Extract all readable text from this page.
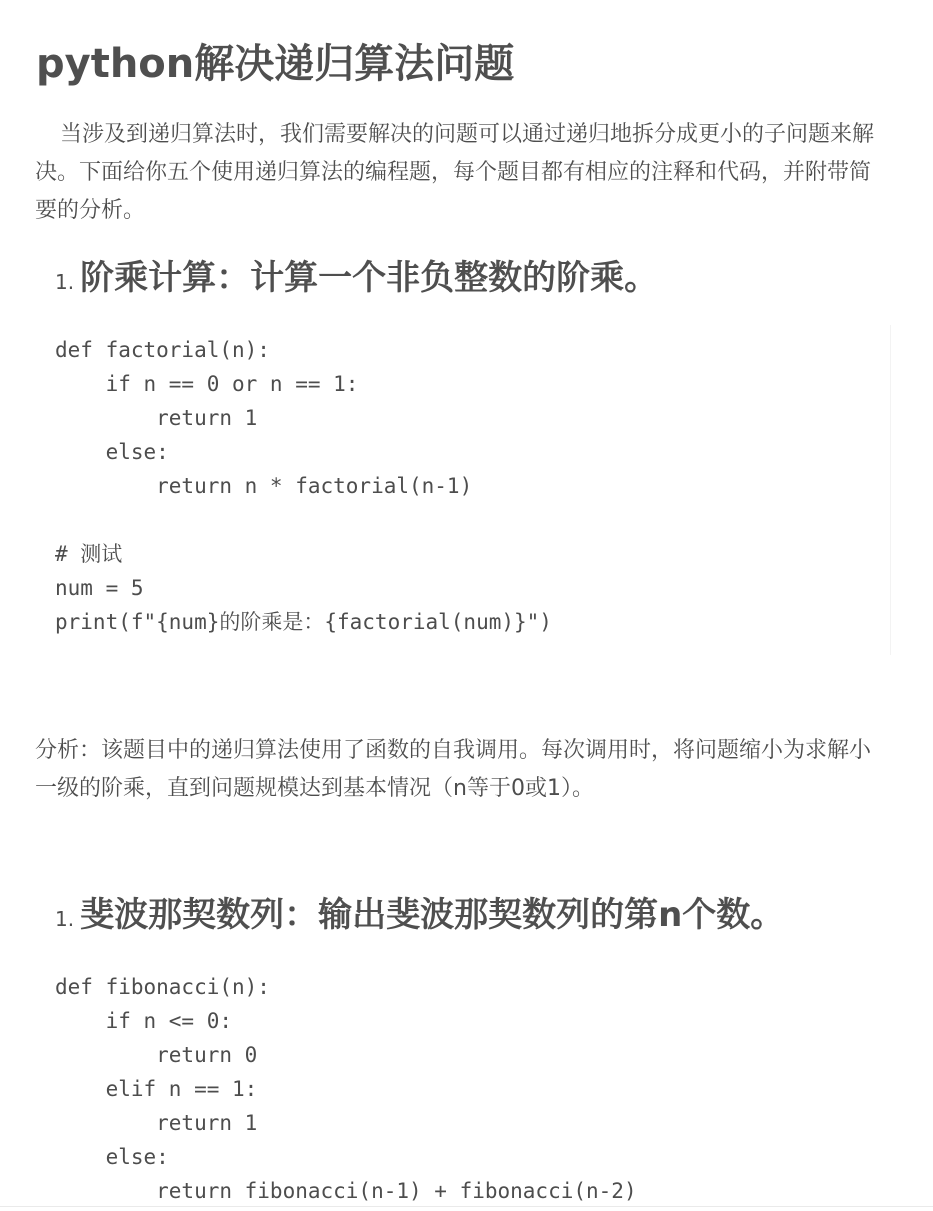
python解决递归算法问题

当涉及到递归算法时，我们需要解决的问题可以通过递归地拆分成更小的子问题来解决。下面给你五个使用递归算法的编程题，每个题目都有相应的注释和代码，并附带简要的分析。

1. 阶乘计算：计算一个非负整数的阶乘。
def factorial(n):
if n == 0 or n == 1:
return 1
else:
return n * factorial(n-1)

# 测试
num = 5
print(f"{num}的阶乘是：{factorial(num)}")

分析：该题目中的递归算法使用了函数的自我调用。每次调用时，将问题缩小为求解小一级的阶乘，直到问题规模达到基本情况（n等于0或1）。

1. 斐波那契数列：输出斐波那契数列的第n个数。
def fibonacci(n):
if n <= 0:
return 0
elif n == 1:
return 1
else:
return fibonacci(n-1) + fibonacci(n-2)
